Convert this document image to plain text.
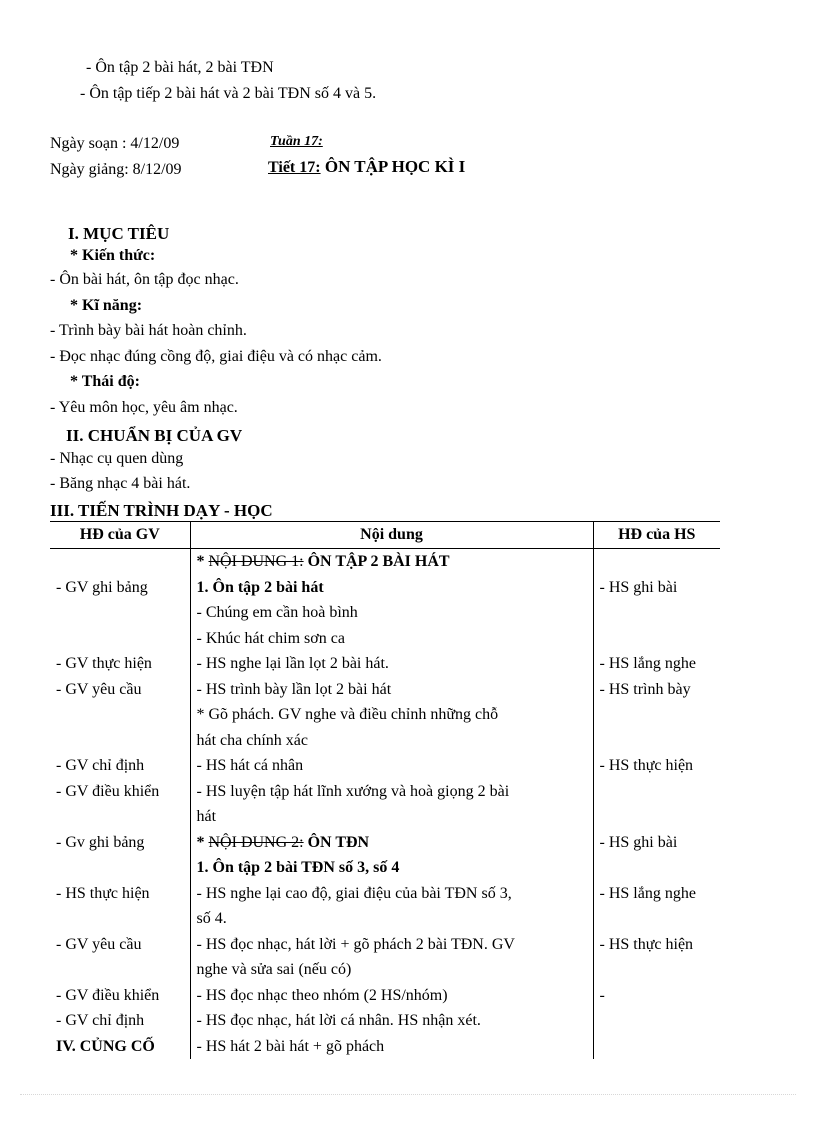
- Ôn tập 2 bài hát, 2 bài TĐN
- Ôn tập tiếp 2 bài hát và 2 bài TĐN số 4 và 5.
Ngày soạn : 4/12/09
Ngày giảng: 8/12/09
Tuần 17:
Tiết 17: ÔN TẬP HỌC KÌ I
I. MỤC TIÊU
* Kiến thức:
- Ôn bài hát, ôn tập đọc nhạc.
* Kĩ năng:
- Trình bày bài hát hoàn chỉnh.
- Đọc nhạc đúng cồng độ, giai điệu và có nhạc cảm.
* Thái độ:
- Yêu môn học, yêu âm nhạc.
II. CHUẨN BỊ CỦA GV
- Nhạc cụ quen dùng
- Băng nhạc 4 bài hát.
III. TIẾN TRÌNH DẠY - HỌC
HĐ của GV	Nội dung	HĐ của HS
	* NỘI DUNG 1: ÔN TẬP 2 BÀI HÁT	
- GV ghi bảng	1. Ôn tập 2 bài hát	- HS ghi bài
	- Chúng em cần hoà bình	
	- Khúc hát chim sơn ca	
- GV thực hiện	- HS nghe lại lần lọt 2 bài hát.	- HS lắng nghe
- GV yêu cầu	- HS trình bày lần lọt 2 bài hát	- HS trình bày
	* Gõ phách. GV nghe và điều chỉnh những chỗ	
	hát cha chính xác	
- GV chỉ định	- HS hát cá nhân	- HS thực hiện
- GV điều khiển	- HS luyện tập hát lĩnh xướng và hoà giọng 2 bài	
	hát	
- Gv ghi bảng	* NỘI DUNG 2: ÔN TĐN	- HS ghi bài
	1. Ôn tập 2 bài TĐN số 3, số 4	
- HS thực hiện	- HS nghe lại cao độ, giai điệu của bài TĐN số 3,	- HS lắng nghe
	số 4.	
- GV yêu cầu	- HS đọc nhạc, hát lời + gõ phách 2 bài TĐN. GV	- HS thực hiện
	nghe và sửa sai (nếu có)	
- GV điều khiển	- HS đọc nhạc theo nhóm (2 HS/nhóm)	-
- GV chỉ định	- HS đọc nhạc, hát lời cá nhân. HS nhận xét.	
IV. CỦNG CỐ	- HS hát 2 bài hát + gõ phách	
